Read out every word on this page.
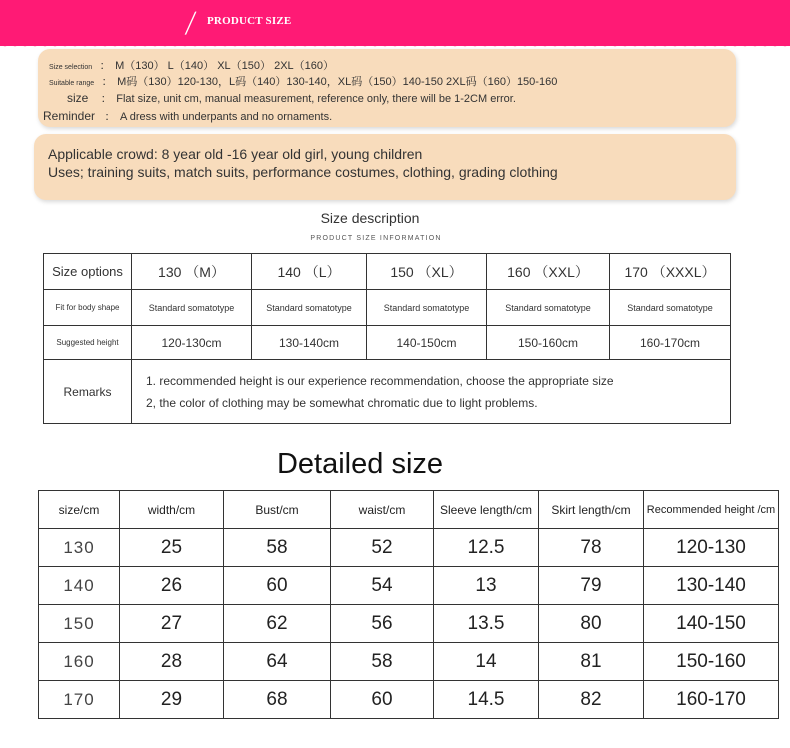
/ PRODUCT SIZE
Size selection ： M（130） L（140） XL（150） 2XL（160）
Suitable range ： M码（130）120-130，L码（140）130-140，XL码（150）140-150 2XL码（160）150-160
size ： Flat size, unit cm, manual measurement, reference only, there will be 1-2CM error.
Reminder ： A dress with underpants and no ornaments.
Applicable crowd: 8 year old -16 year old girl, young children
Uses; training suits, match suits, performance costumes, clothing, grading clothing
Size description
PRODUCT SIZE INFORMATION
Size options	130 （M）	140 （L）	150 （XL）	160 （XXL）	170 （XXXL）
Fit for body shape	Standard somatotype	Standard somatotype	Standard somatotype	Standard somatotype	Standard somatotype
Suggested height	120-130cm	130-140cm	140-150cm	150-160cm	160-170cm
Remarks	1. recommended height is our experience recommendation, choose the appropriate size
2, the color of clothing may be somewhat chromatic due to light problems.				
Detailed size
size/cm	width/cm	Bust/cm	waist/cm	Sleeve length/cm	Skirt length/cm	Recommended height /cm
130	25	58	52	12.5	78	120-130
140	26	60	54	13	79	130-140
150	27	62	56	13.5	80	140-150
160	28	64	58	14	81	150-160
170	29	68	60	14.5	82	160-170
